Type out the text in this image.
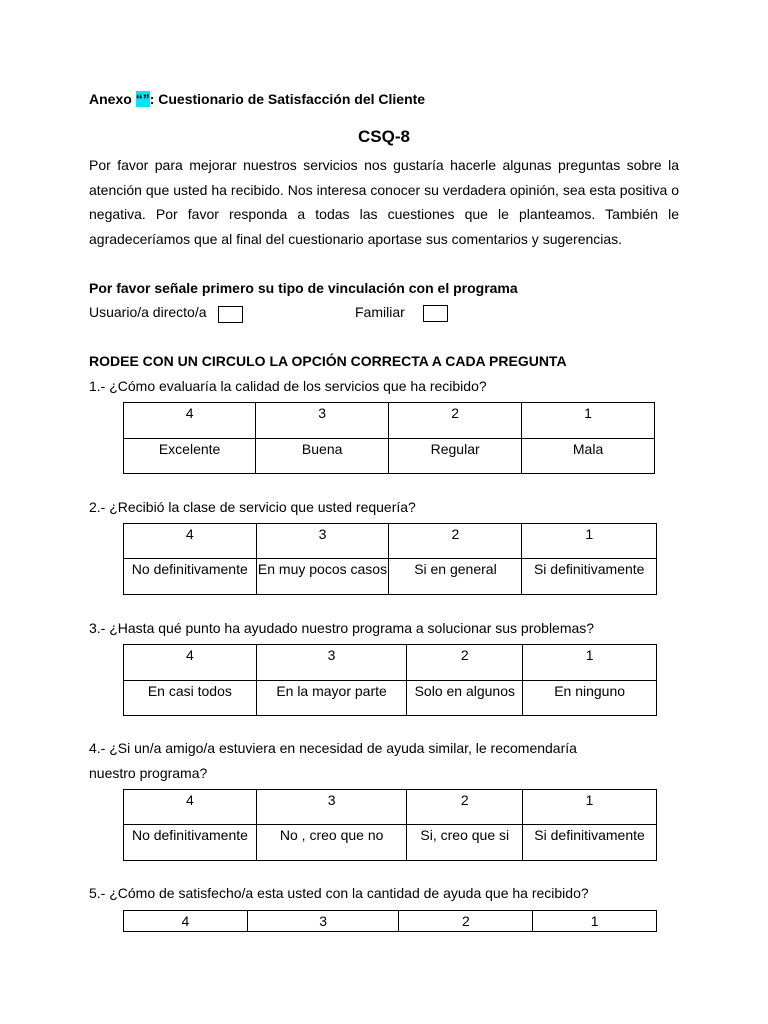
Anexo “”: Cuestionario de Satisfacción del Cliente
CSQ-8
Por favor para mejorar nuestros servicios nos gustaría hacerle algunas preguntas sobre la atención que usted ha recibido. Nos interesa conocer su verdadera opinión, sea esta positiva o negativa. Por favor responda a todas las cuestiones que le planteamos. También le agradeceríamos que al final del cuestionario aportase sus comentarios y sugerencias.
Por favor señale primero su tipo de vinculación con el programa
Usuario/a directo/a	Familiar
RODEE CON UN CIRCULO LA OPCIÓN CORRECTA A CADA PREGUNTA
1.- ¿Cómo evaluaría la calidad de los servicios que ha recibido?
4	3	2	1
Excelente	Buena	Regular	Mala
2.- ¿Recibió la clase de servicio que usted requería?
4	3	2	1
No definitivamente	En muy pocos casos	Si en general	Si definitivamente
3.- ¿Hasta qué punto ha ayudado nuestro programa a solucionar sus problemas?
4	3	2	1
En casi todos	En la mayor parte	Solo en algunos	En ninguno
4.- ¿Si un/a amigo/a estuviera en necesidad de ayuda similar, le recomendaría
nuestro programa?
4	3	2	1
No definitivamente	No , creo que no	Si, creo que si	Si definitivamente
5.- ¿Cómo de satisfecho/a esta usted con la cantidad de ayuda que ha recibido?
4	3	2	1
